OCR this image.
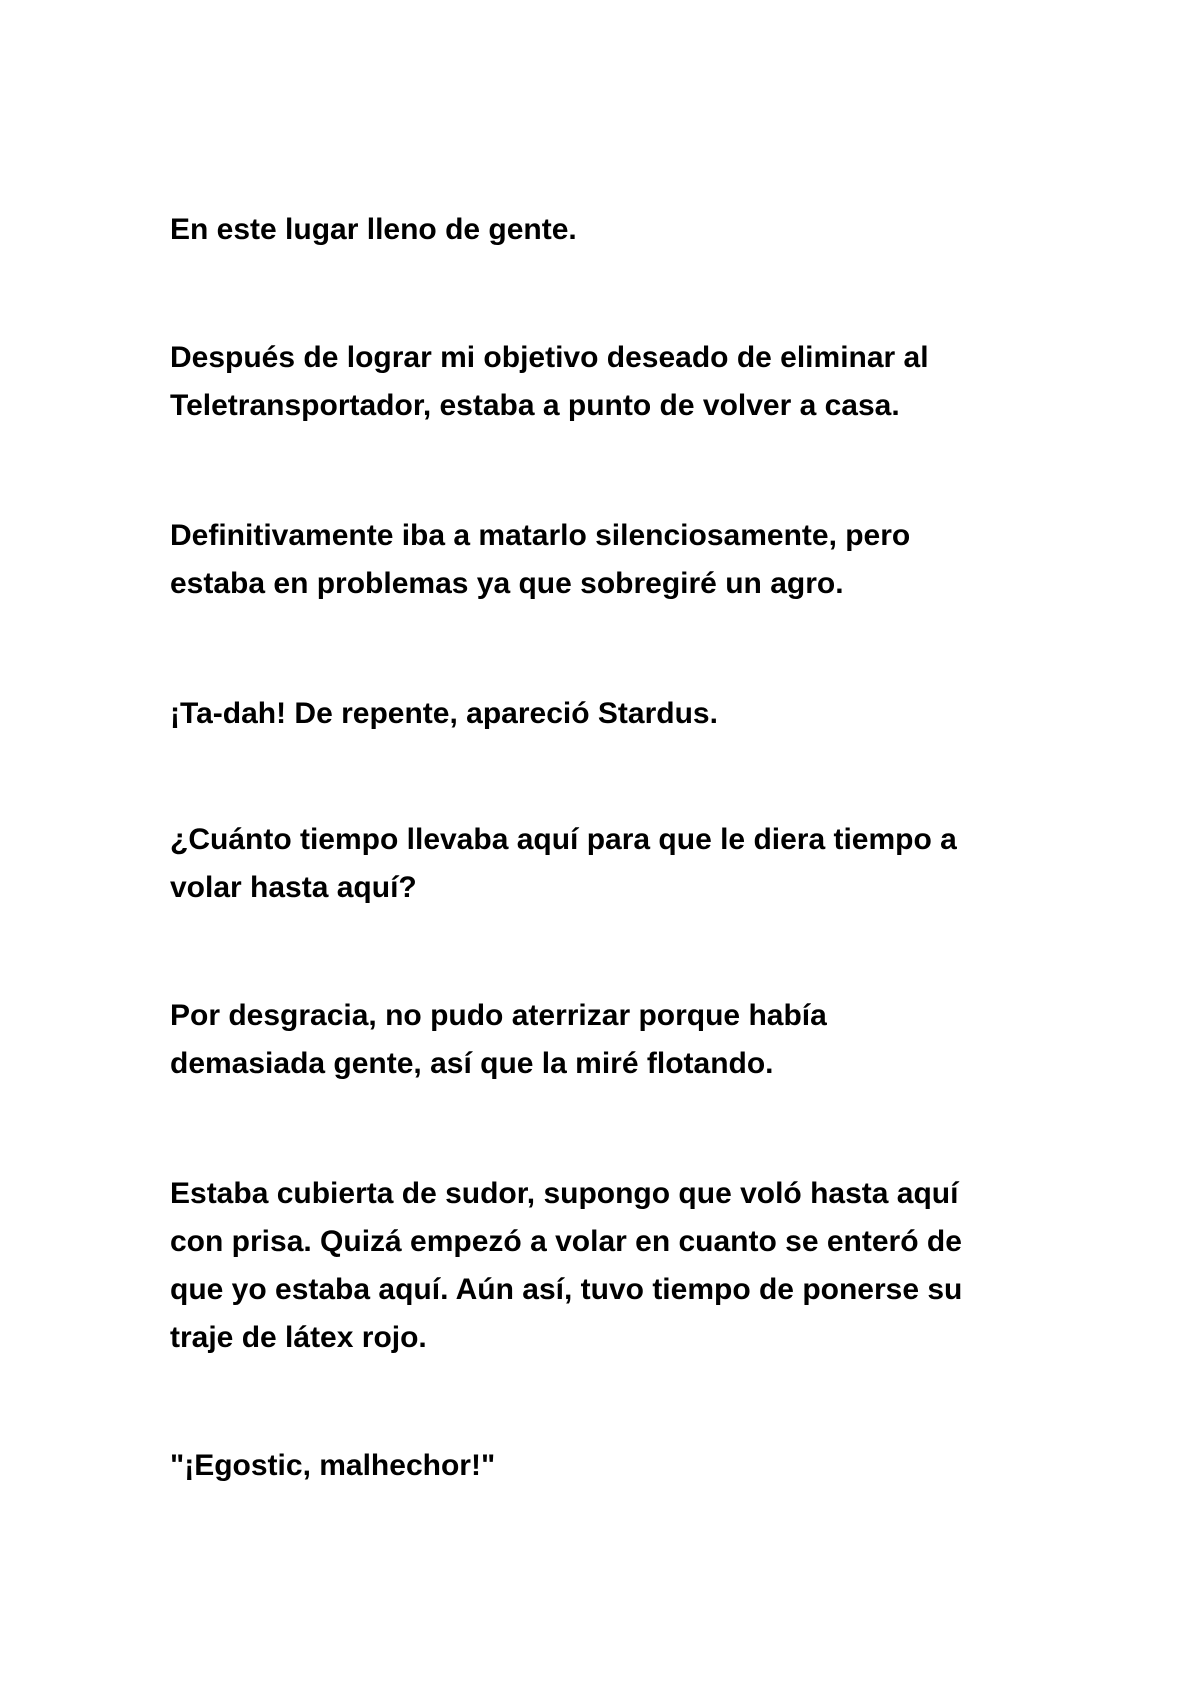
En este lugar lleno de gente.

Después de lograr mi objetivo deseado de eliminar al
Teletransportador, estaba a punto de volver a casa.

Definitivamente iba a matarlo silenciosamente, pero
estaba en problemas ya que sobregiré un agro.

¡Ta-dah! De repente, apareció Stardus.

¿Cuánto tiempo llevaba aquí para que le diera tiempo a
volar hasta aquí?

Por desgracia, no pudo aterrizar porque había
demasiada gente, así que la miré flotando.

Estaba cubierta de sudor, supongo que voló hasta aquí
con prisa. Quizá empezó a volar en cuanto se enteró de
que yo estaba aquí. Aún así, tuvo tiempo de ponerse su
traje de látex rojo.

"¡Egostic, malhechor!"
